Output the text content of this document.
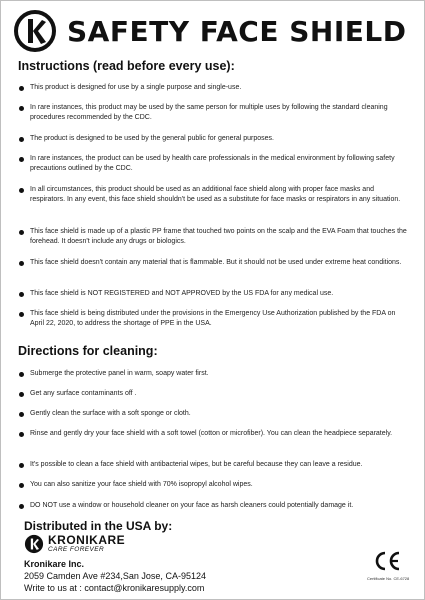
SAFETY FACE SHIELD
Instructions (read before every use):
This product is designed for use by a single purpose and single-use.
In rare instances, this product may be used by the same person for multiple uses by following the standard cleaning procedures recommended by the CDC.
The product is designed to be used by the general public for general purposes.
In rare instances, the product can be used by health care professionals in the medical environment by following safety precautions outlined by the CDC.
In all circumstances, this product should be used as an additional face shield along with proper face masks and respirators. In any event, this face shield shouldn't be used as a substitute for face masks or respirators in any situation.
This face shield is made up of a plastic PP frame that touched two points on the scalp and the EVA Foam that touches the forehead. It doesn't include any drugs or biologics.
This face shield doesn't contain any material that is flammable. But it should not be used under extreme heat conditions.
This face shield is NOT REGISTERED and NOT APPROVED by the US FDA for any medical use.
This face shield is being distributed under the provisions in the Emergency Use Authorization published by the FDA on April 22, 2020, to address the shortage of PPE in the USA.
Directions for cleaning:
Submerge the protective panel in warm, soapy water first.
Get any surface contaminants off .
Gently clean the surface with a soft sponge or cloth.
Rinse and gently dry your face shield with a soft towel (cotton or microfiber). You can clean the headpiece separately.
It's possible to clean a face shield with antibacterial wipes, but be careful because they can leave a residue.
You can also sanitize your face shield with 70% isopropyl alcohol wipes.
DO NOT use a window or household cleaner on your face as harsh cleaners could potentially damage it.
Distributed in the USA by:
KRONIKARE
CARE FOREVER
Kronikare Inc.
2059 Camden Ave #234,San Jose, CA-95124
Write to us at : contact@kronikaresupply.com
Certificate No. CE-6728
